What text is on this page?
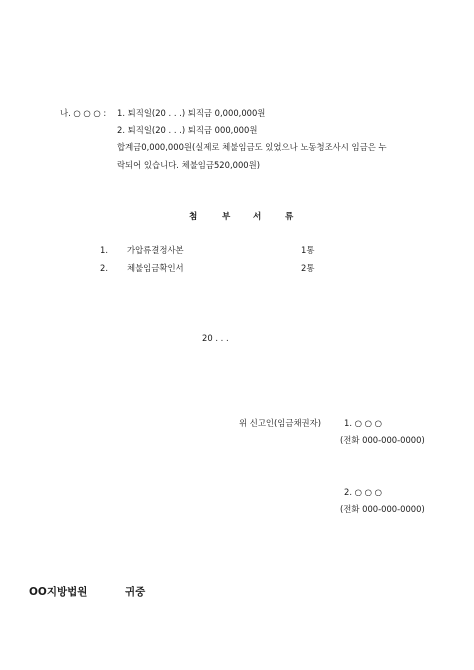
나. ○ ○ ○ : 1. 퇴직일(20 . . .) 퇴직금 0,000,000원
2. 퇴직일(20 . . .) 퇴직금 000,000원
합계금0,000,000원(실제로 체불임금도 있었으나 노동청조사시 임금은 누
락되어 있습니다. 체불임금520,000원)
첨	부	서	류
1. 가압류결정사본	1통
2. 체불임금확인서	2통
20 . . .
위 신고인(임금채권자)	1. ○ ○ ○
(전화 000-000-0000)
2. ○ ○ ○
(전화 000-000-0000)
OO지방법원	귀중
